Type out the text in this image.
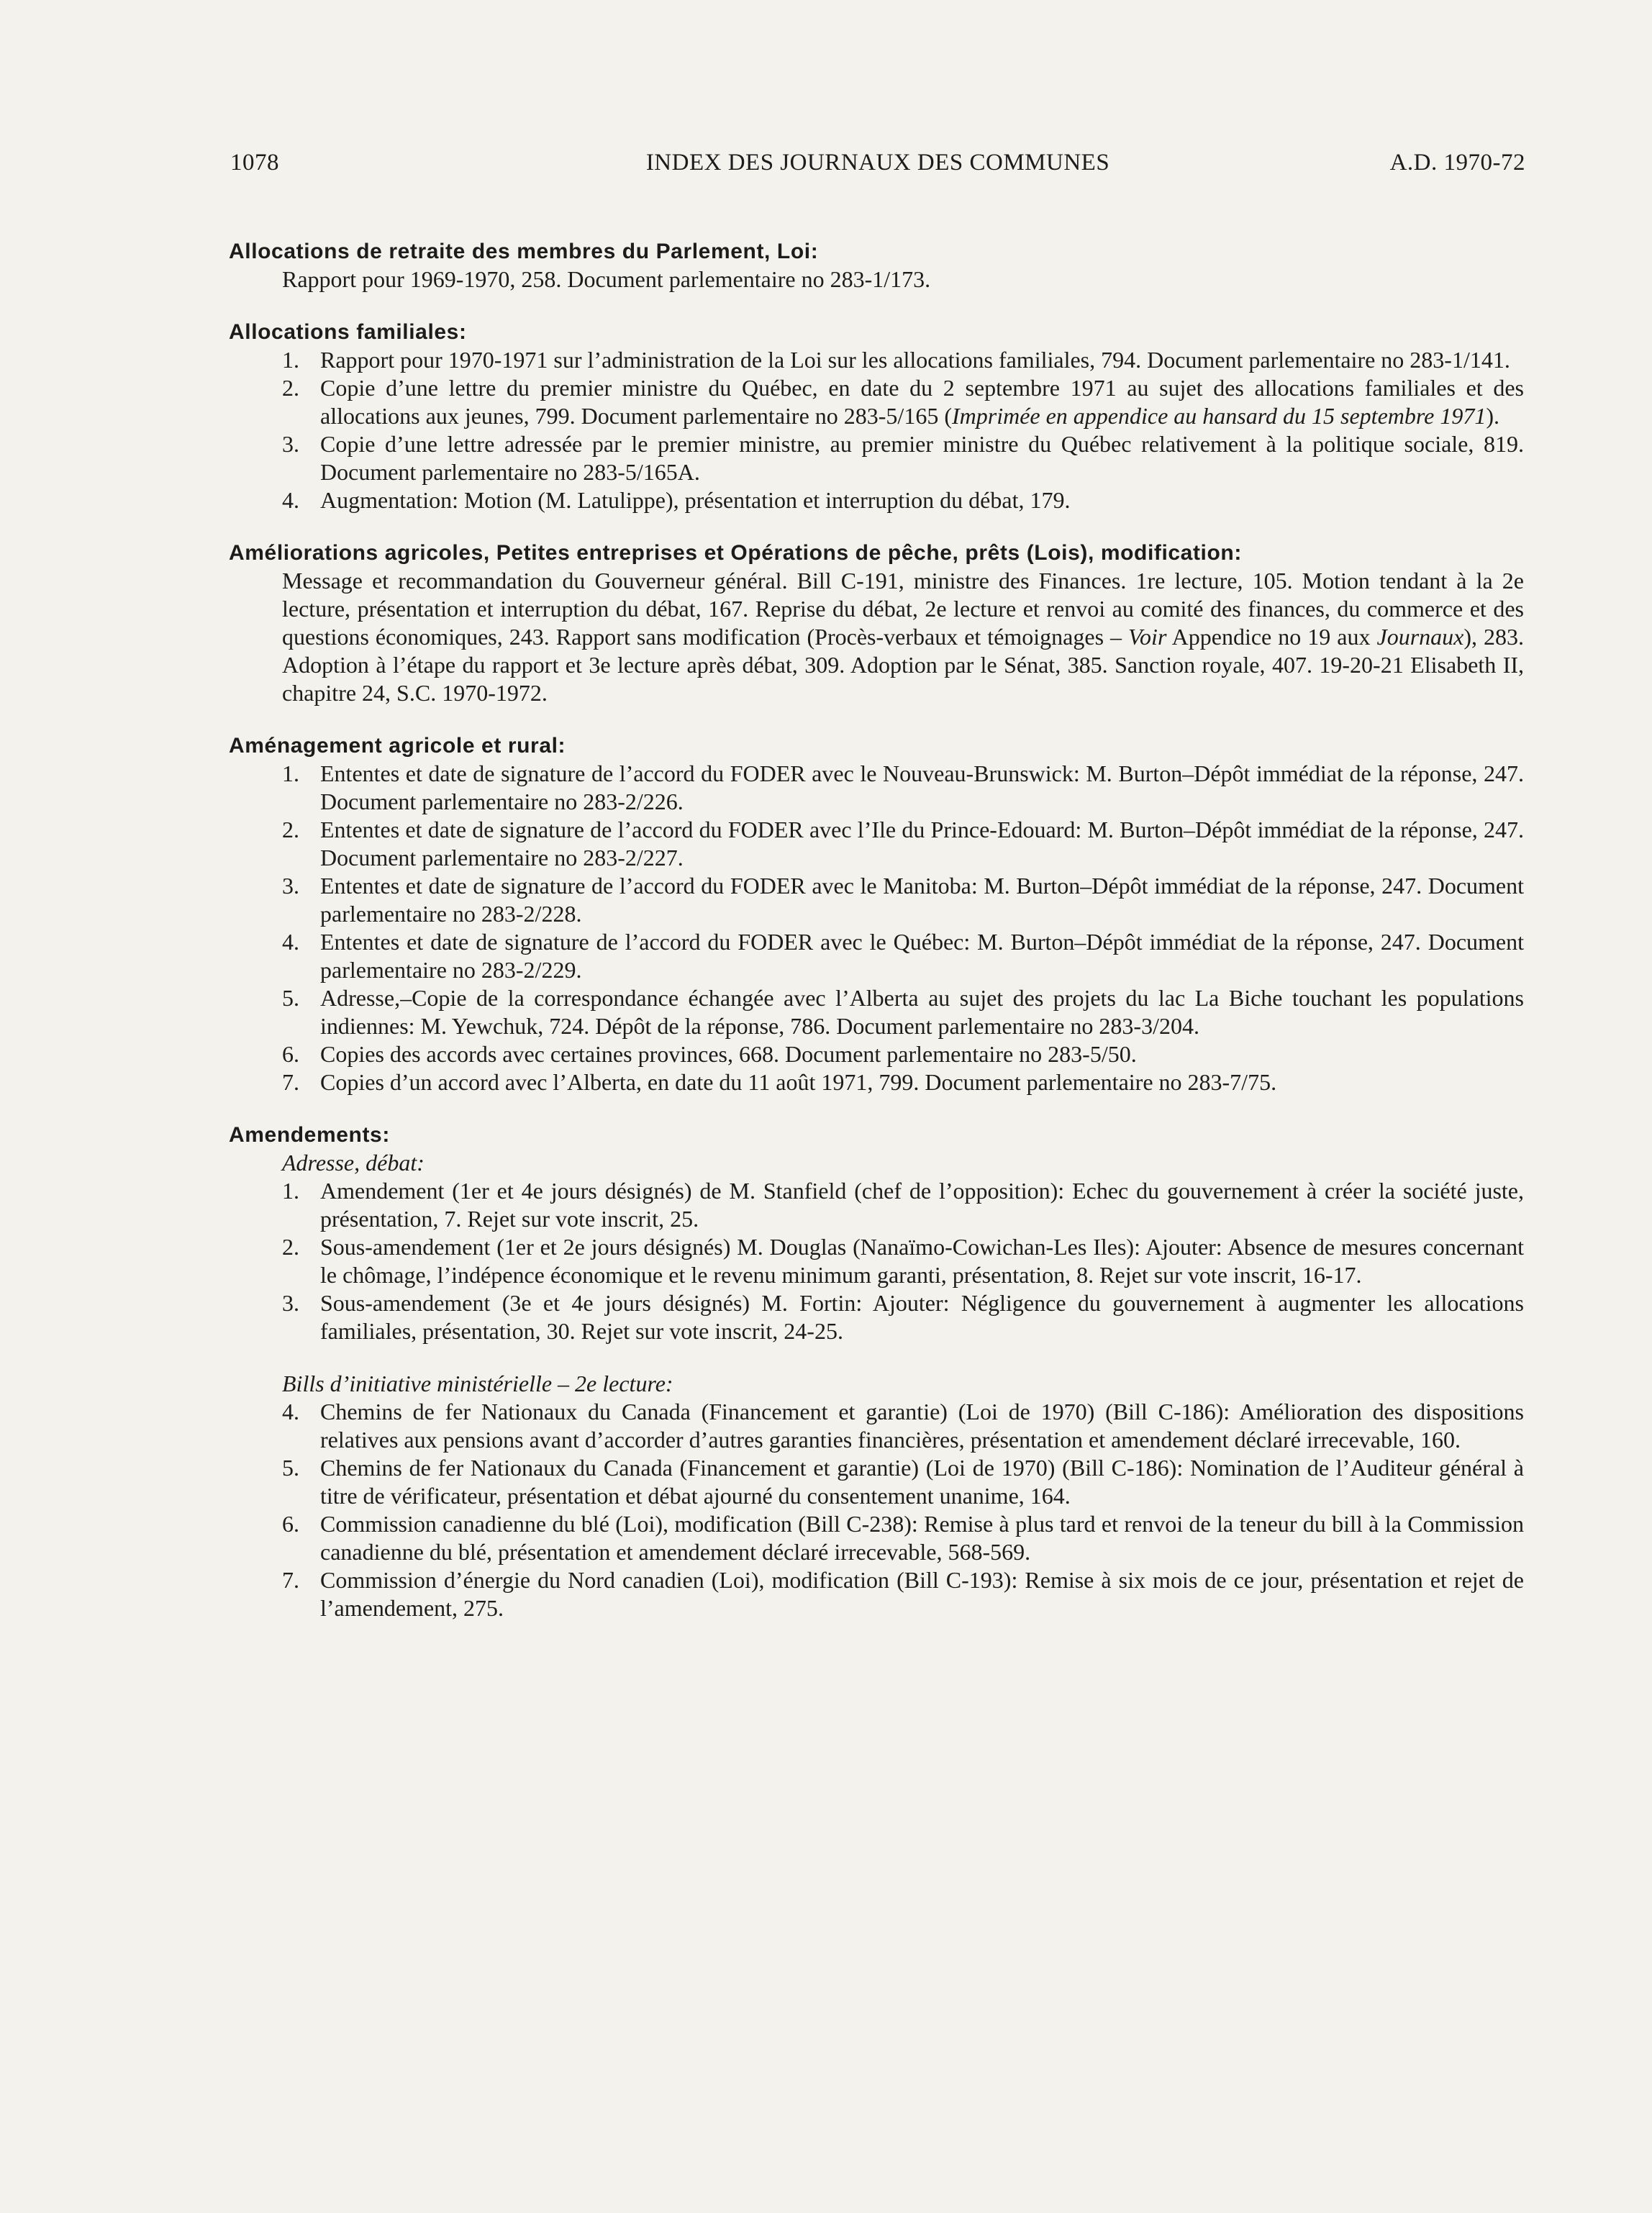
1078	INDEX DES JOURNAUX DES COMMUNES	A.D. 1970-72
Allocations de retraite des membres du Parlement, Loi:
Rapport pour 1969-1970, 258. Document parlementaire no 283-1/173.
Allocations familiales:
1. Rapport pour 1970-1971 sur l’administration de la Loi sur les allocations familiales, 794. Document parlementaire no 283-1/141.
2. Copie d’une lettre du premier ministre du Québec, en date du 2 septembre 1971 au sujet des allocations familiales et des allocations aux jeunes, 799. Document parlementaire no 283-5/165 (Imprimée en appendice au hansard du 15 septembre 1971).
3. Copie d’une lettre adressée par le premier ministre, au premier ministre du Québec relativement à la politique sociale, 819. Document parlementaire no 283-5/165A.
4. Augmentation: Motion (M. Latulippe), présentation et interruption du débat, 179.
Améliorations agricoles, Petites entreprises et Opérations de pêche, prêts (Lois), modification:
Message et recommandation du Gouverneur général. Bill C-191, ministre des Finances. 1re lecture, 105. Motion tendant à la 2e lecture, présentation et interruption du débat, 167. Reprise du débat, 2e lecture et renvoi au comité des finances, du commerce et des questions économiques, 243. Rapport sans modification (Procès-verbaux et témoignages – Voir Appendice no 19 aux Journaux), 283. Adoption à l’étape du rapport et 3e lecture après débat, 309. Adoption par le Sénat, 385. Sanction royale, 407. 19-20-21 Elisabeth II, chapitre 24, S.C. 1970-1972.
Aménagement agricole et rural:
1. Ententes et date de signature de l’accord du FODER avec le Nouveau-Brunswick: M. Burton–Dépôt immédiat de la réponse, 247. Document parlementaire no 283-2/226.
2. Ententes et date de signature de l’accord du FODER avec l’Ile du Prince-Edouard: M. Burton–Dépôt immédiat de la réponse, 247. Document parlementaire no 283-2/227.
3. Ententes et date de signature de l’accord du FODER avec le Manitoba: M. Burton–Dépôt immédiat de la réponse, 247. Document parlementaire no 283-2/228.
4. Ententes et date de signature de l’accord du FODER avec le Québec: M. Burton–Dépôt immédiat de la réponse, 247. Document parlementaire no 283-2/229.
5. Adresse,–Copie de la correspondance échangée avec l’Alberta au sujet des projets du lac La Biche touchant les populations indiennes: M. Yewchuk, 724. Dépôt de la réponse, 786. Document parlementaire no 283-3/204.
6. Copies des accords avec certaines provinces, 668. Document parlementaire no 283-5/50.
7. Copies d’un accord avec l’Alberta, en date du 11 août 1971, 799. Document parlementaire no 283-7/75.
Amendements:
Adresse, débat:
1. Amendement (1er et 4e jours désignés) de M. Stanfield (chef de l’opposition): Echec du gouvernement à créer la société juste, présentation, 7. Rejet sur vote inscrit, 25.
2. Sous-amendement (1er et 2e jours désignés) M. Douglas (Nanaïmo-Cowichan-Les Iles): Ajouter: Absence de mesures concernant le chômage, l’indépence économique et le revenu minimum garanti, présentation, 8. Rejet sur vote inscrit, 16-17.
3. Sous-amendement (3e et 4e jours désignés) M. Fortin: Ajouter: Négligence du gouvernement à augmenter les allocations familiales, présentation, 30. Rejet sur vote inscrit, 24-25.
Bills d’initiative ministérielle – 2e lecture:
4. Chemins de fer Nationaux du Canada (Financement et garantie) (Loi de 1970) (Bill C-186): Amélioration des dispositions relatives aux pensions avant d’accorder d’autres garanties financières, présentation et amendement déclaré irrecevable, 160.
5. Chemins de fer Nationaux du Canada (Financement et garantie) (Loi de 1970) (Bill C-186): Nomination de l’Auditeur général à titre de vérificateur, présentation et débat ajourné du consentement unanime, 164.
6. Commission canadienne du blé (Loi), modification (Bill C-238): Remise à plus tard et renvoi de la teneur du bill à la Commission canadienne du blé, présentation et amendement déclaré irrecevable, 568-569.
7. Commission d’énergie du Nord canadien (Loi), modification (Bill C-193): Remise à six mois de ce jour, présentation et rejet de l’amendement, 275.
